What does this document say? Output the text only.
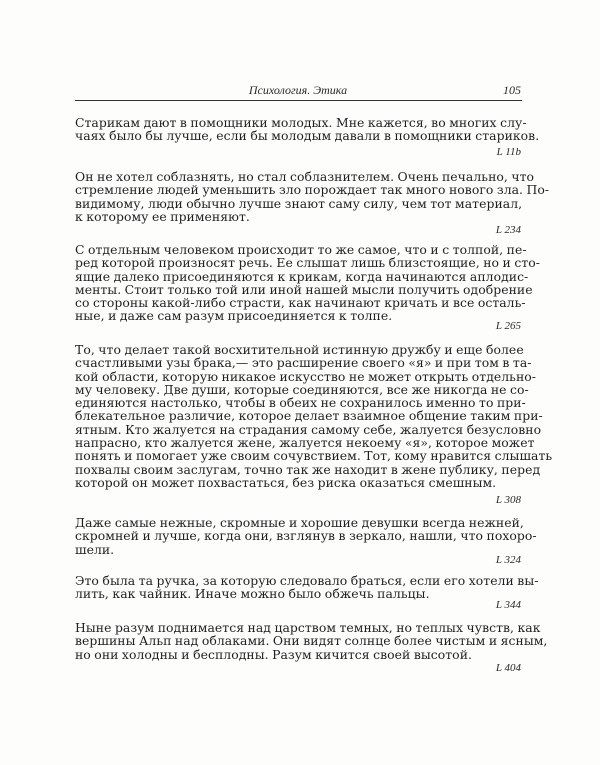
Психология. Этика	105
Старикам дают в помощники молодых. Мне кажется, во многих слу-
чаях было бы лучше, если бы молодым давали в помощники стариков.
L 11b
Он не хотел соблазнять, но стал соблазнителем. Очень печально, что
стремление людей уменьшить зло порождает так много нового зла. По-
видимому, люди обычно лучше знают саму силу, чем тот материал,
к которому ее применяют.
L 234
С отдельным человеком происходит то же самое, что и с толпой, пе-
ред которой произносят речь. Ее слышат лишь близстоящие, но и сто-
ящие далеко присоединяются к крикам, когда начинаются аплодис-
менты. Стоит только той или иной нашей мысли получить одобрение
со стороны какой-либо страсти, как начинают кричать и все осталь-
ные, и даже сам разум присоединяется к толпе.
L 265
То, что делает такой восхитительной истинную дружбу и еще более
счастливыми узы брака,— это расширение своего «я» и при том в та-
кой области, которую никакое искусство не может открыть отдельно-
му человеку. Две души, которые соединяются, все же никогда не со-
единяются настолько, чтобы в обеих не сохранилось именно то при-
блекательное различие, которое делает взаимное общение таким при-
ятным. Кто жалуется на страдания самому себе, жалуется безусловно
напрасно, кто жалуется жене, жалуется некоему «я», которое может
понять и помогает уже своим сочувствием. Тот, кому нравится слышать
похвалы своим заслугам, точно так же находит в жене публику, перед
которой он может похвастаться, без риска оказаться смешным.
L 308
Даже самые нежные, скромные и хорошие девушки всегда нежней,
скромней и лучше, когда они, взглянув в зеркало, нашли, что похоро-
шели.
L 324
Это была та ручка, за которую следовало браться, если его хотели вы-
лить, как чайник. Иначе можно было обжечь пальцы.
L 344
Ныне разум поднимается над царством темных, но теплых чувств, как
вершины Альп над облаками. Они видят солнце более чистым и ясным,
но они холодны и бесплодны. Разум кичится своей высотой.
L 404
